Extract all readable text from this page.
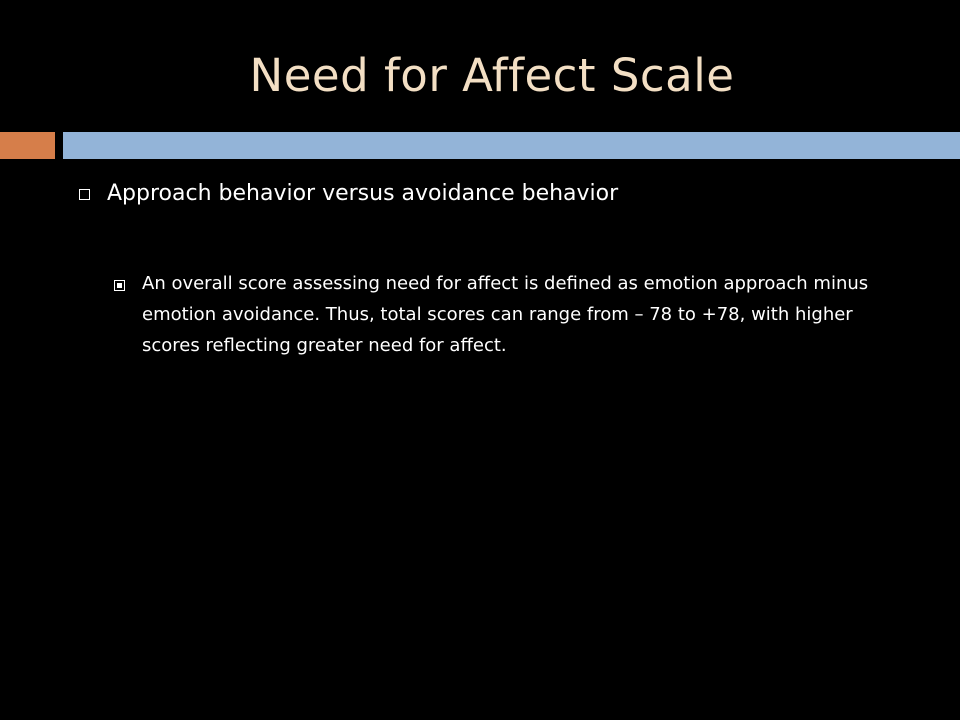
Need for Affect Scale
Approach behavior versus avoidance behavior
An overall score assessing need for affect is defined as emotion approach minus emotion avoidance. Thus, total scores can range from – 78 to +78, with higher scores reflecting greater need for affect.
